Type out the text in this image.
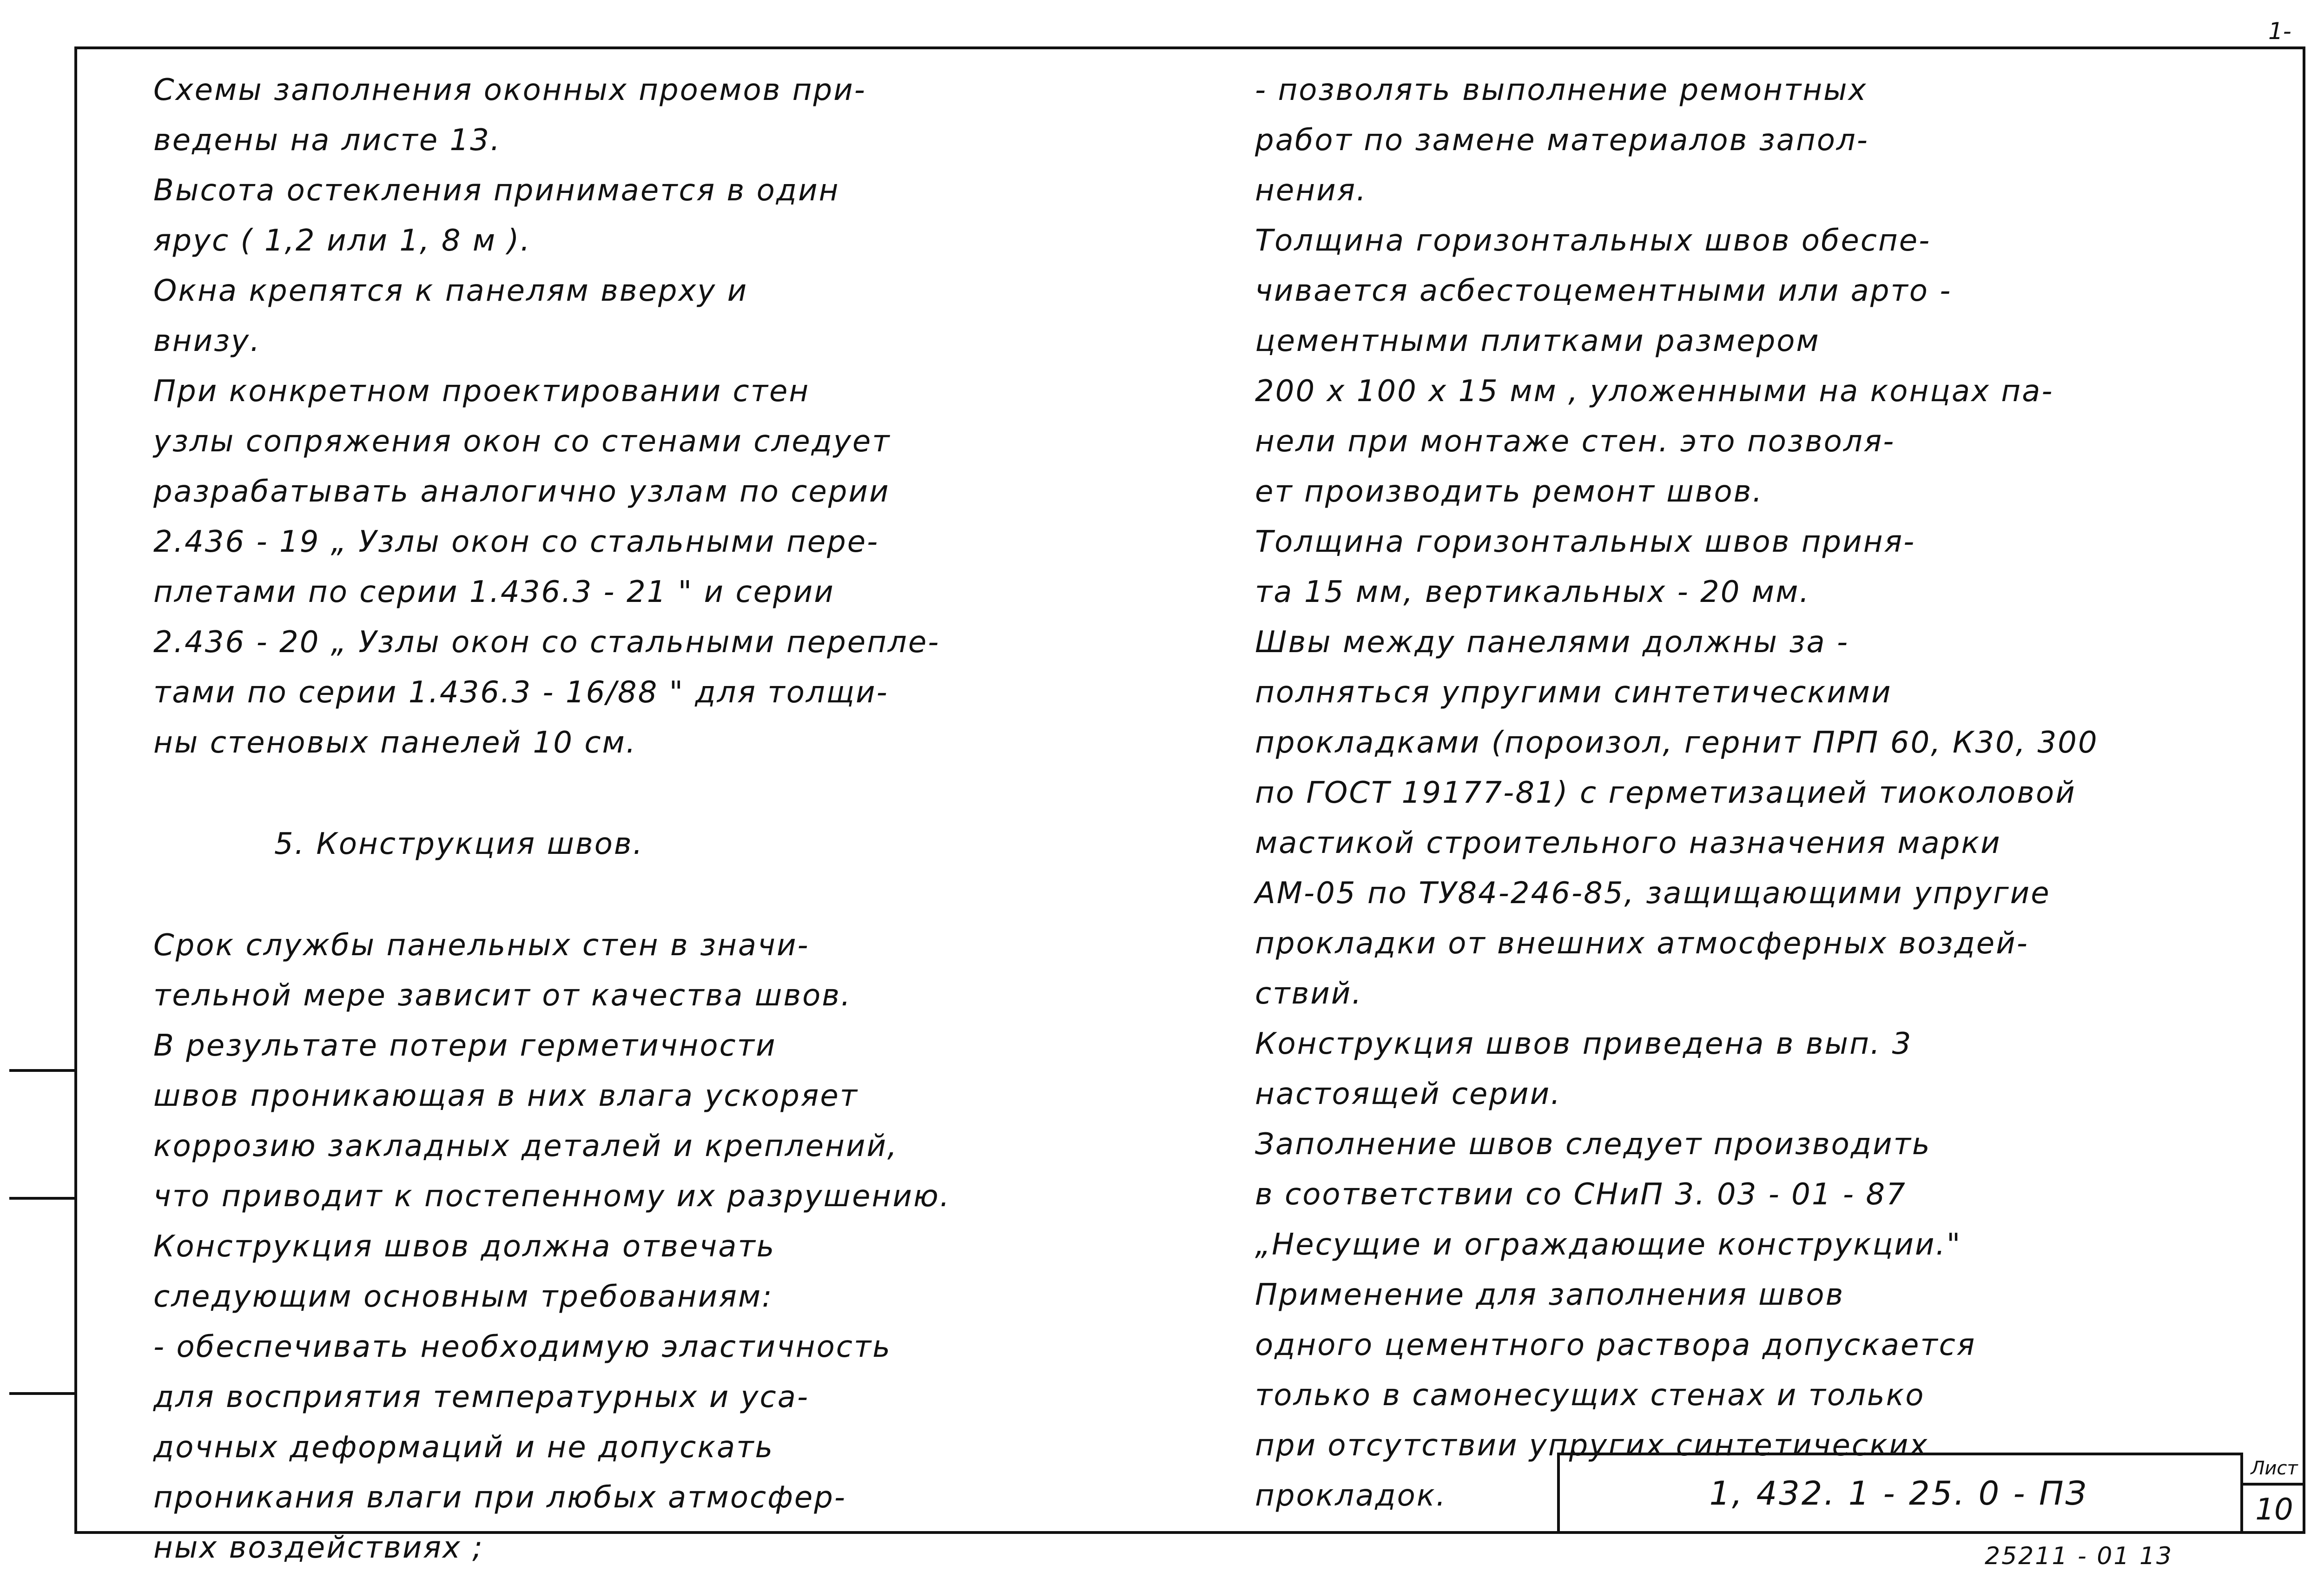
1-

Схемы заполнения оконных проемов при-

ведены на листе 13.

Высота остекления принимается в один

ярус ( 1,2 или 1, 8 м ).

Окна крепятся к панелям вверху и

внизу.

При конкретном проектировании стен

узлы сопряжения окон со стенами следует

разрабатывать аналогично узлам по серии

2.436 - 19 „ Узлы окон со стальными пере-

плетами по серии 1.436.3 - 21 " и серии

2.436 - 20 „ Узлы окон со стальными перепле-

тами по серии 1.436.3 - 16/88 " для толщи-

ны стеновых панелей 10 см.

5. Конструкция швов.

Срок службы панельных стен в значи-

тельной мере зависит от качества швов.

В результате потери герметичности

швов проникающая в них влага ускоряет

коррозию закладных деталей и креплений,

что приводит к постепенному их разрушению.

Конструкция швов должна отвечать

следующим основным требованиям:

- обеспечивать необходимую эластичность

для восприятия температурных и уса-

дочных деформаций и не допускать

проникания влаги при любых атмосфер-

ных воздействиях ;

- позволять выполнение ремонтных

работ по замене материалов запол-

нения.

Толщина горизонтальных швов обеспе-

чивается асбестоцементными или арто -

цементными плитками размером

200 х 100 х 15 мм , уложенными на концах па-

нели при монтаже стен. это позволя-

ет производить ремонт швов.

Толщина горизонтальных швов приня-

та 15 мм, вертикальных - 20 мм.

Швы между панелями должны за -

полняться упругими синтетическими

прокладками (пороизол, гернит ПРП 60, К30, 300

по ГОСТ 19177-81) с герметизацией тиоколовой

мастикой строительного назначения марки

АМ-05 по ТУ84-246-85, защищающими упругие

прокладки от внешних атмосферных воздей-

ствий.

Конструкция швов приведена в вып. 3

настоящей серии.

Заполнение швов следует производить

в соответствии со СНиП 3. 03 - 01 - 87

„Несущие и ограждающие конструкции."

Применение для заполнения швов

одного цементного раствора допускается

только в самонесущих стенах и только

при отсутствии упругих синтетических

прокладок.	1, 432. 1 - 25. 0 - ПЗ
Лист
10
25211 - 01 13
